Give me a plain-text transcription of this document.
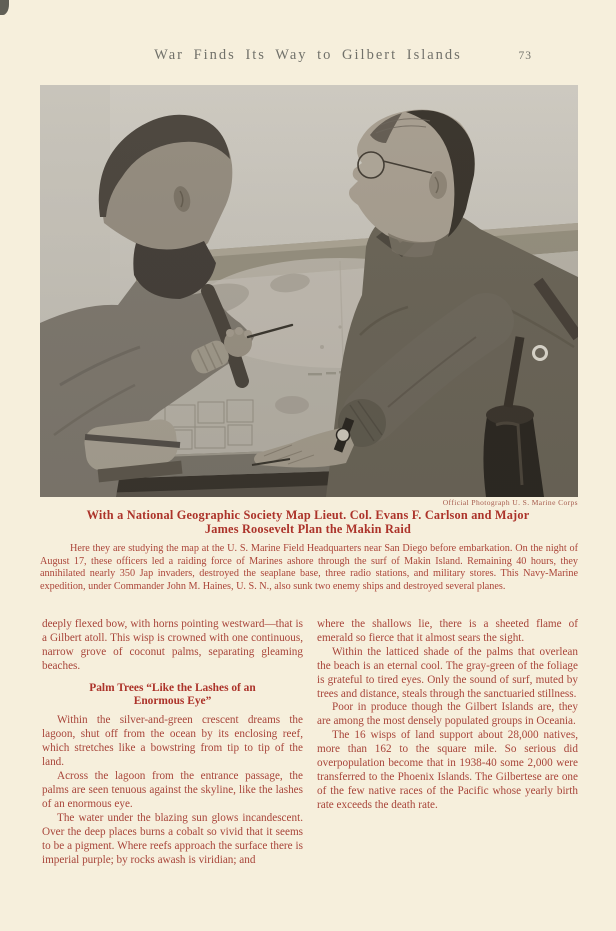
War Finds Its Way to Gilbert Islands	73
Official Photograph U. S. Marine Corps
With a National Geographic Society Map Lieut. Col. Evans F. Carlson and Major
James Roosevelt Plan the Makin Raid

Here they are studying the map at the U. S. Marine Field Headquarters near San Diego before embarkation. On the night of August 17, these officers led a raiding force of Marines ashore through the surf of Makin Island. Remaining 40 hours, they annihilated nearly 350 Jap invaders, destroyed the seaplane base, three radio stations, and military stores. This Navy-Marine expedition, under Commander John M. Haines, U. S. N., also sunk two enemy ships and destroyed several planes.

deeply flexed bow, with horns pointing westward—that is a Gilbert atoll. This wisp is crowned with one continuous, narrow grove of coconut palms, separating gleaming beaches.

Palm Trees “Like the Lashes of an
Enormous Eye”

Within the silver-and-green crescent dreams the lagoon, shut off from the ocean by its enclosing reef, which stretches like a bowstring from tip to tip of the land.

Across the lagoon from the entrance passage, the palms are seen tenuous against the skyline, like the lashes of an enormous eye.

The water under the blazing sun glows incandescent. Over the deep places burns a cobalt so vivid that it seems to be a pigment. Where reefs approach the surface there is imperial purple; by rocks awash is viridian; and

where the shallows lie, there is a sheeted flame of emerald so fierce that it almost sears the sight.

Within the latticed shade of the palms that overlean the beach is an eternal cool. The gray-green of the foliage is grateful to tired eyes. Only the sound of surf, muted by trees and distance, steals through the sanctuaried stillness.

Poor in produce though the Gilbert Islands are, they are among the most densely populated groups in Oceania.

The 16 wisps of land support about 28,000 natives, more than 162 to the square mile. So serious did overpopulation become that in 1938-40 some 2,000 were transferred to the Phoenix Islands. The Gilbertese are one of the few native races of the Pacific whose yearly birth rate exceeds the death rate.
